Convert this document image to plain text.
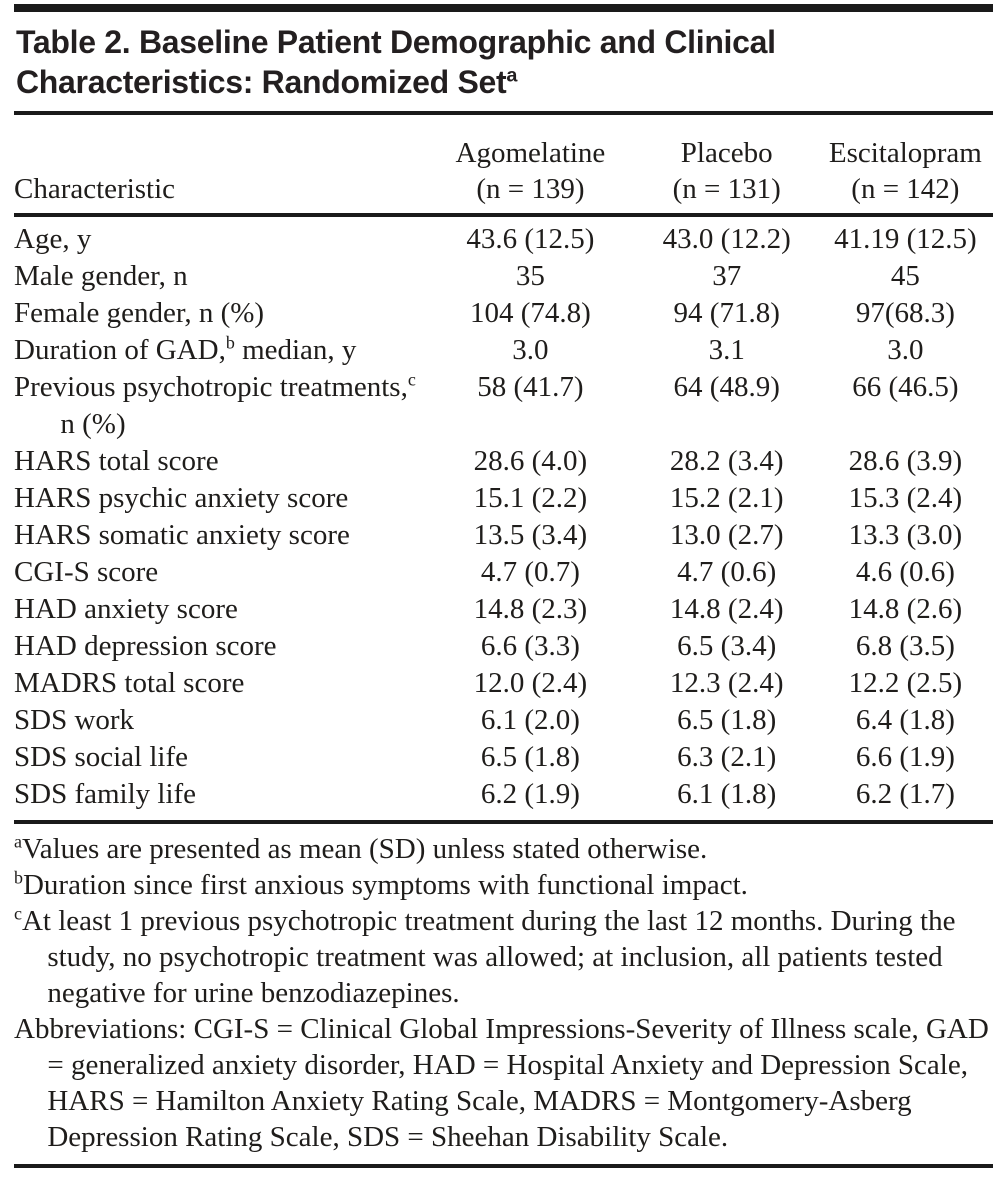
Table 2. Baseline Patient Demographic and Clinical Characteristics: Randomized Set$^a$
	Agomelatine	Placebo	Escitalopram
Characteristic	(n = 139)	(n = 131)	(n = 142)
Age, y	43.6 (12.5)	43.0 (12.2)	41.19 (12.5)
Male gender, n	35	37	45
Female gender, n (%)	104 (74.8)	94 (71.8)	97(68.3)
Duration of GAD,$^b$ median, y	3.0	3.1	3.0
Previous psychotropic treatments,$^c$ n (%)	58 (41.7)	64 (48.9)	66 (46.5)
HARS total score	28.6 (4.0)	28.2 (3.4)	28.6 (3.9)
HARS psychic anxiety score	15.1 (2.2)	15.2 (2.1)	15.3 (2.4)
HARS somatic anxiety score	13.5 (3.4)	13.0 (2.7)	13.3 (3.0)
CGI-S score	4.7 (0.7)	4.7 (0.6)	4.6 (0.6)
HAD anxiety score	14.8 (2.3)	14.8 (2.4)	14.8 (2.6)
HAD depression score	6.6 (3.3)	6.5 (3.4)	6.8 (3.5)
MADRS total score	12.0 (2.4)	12.3 (2.4)	12.2 (2.5)
SDS work	6.1 (2.0)	6.5 (1.8)	6.4 (1.8)
SDS social life	6.5 (1.8)	6.3 (2.1)	6.6 (1.9)
SDS family life	6.2 (1.9)	6.1 (1.8)	6.2 (1.7)
$^a$Values are presented as mean (SD) unless stated otherwise.
$^b$Duration since first anxious symptoms with functional impact.
$^c$At least 1 previous psychotropic treatment during the last 12 months. During the study, no psychotropic treatment was allowed; at inclusion, all patients tested negative for urine benzodiazepines.
Abbreviations: CGI-S = Clinical Global Impressions-Severity of Illness scale, GAD = generalized anxiety disorder, HAD = Hospital Anxiety and Depression Scale, HARS = Hamilton Anxiety Rating Scale, MADRS = Montgomery-Asberg Depression Rating Scale, SDS = Sheehan Disability Scale.
